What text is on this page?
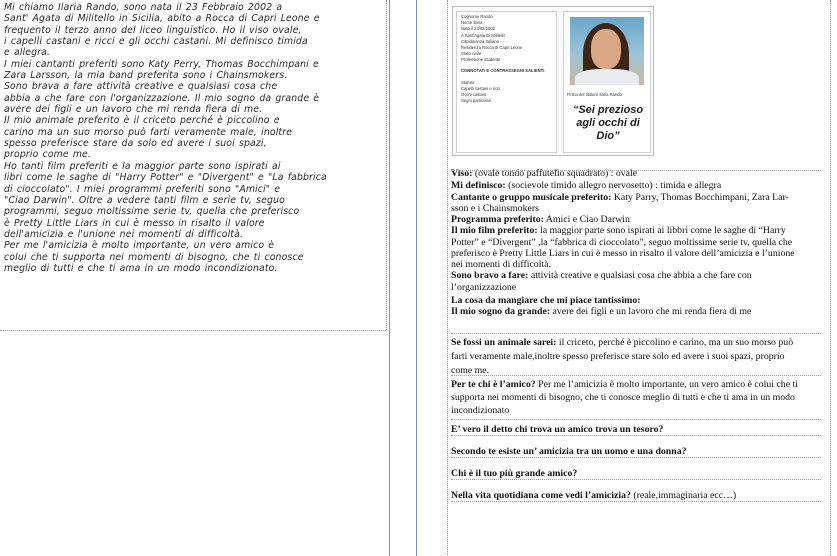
Mi chiamo Ilaria Rando, sono nata il 23 Febbraio 2002 a
Sant' Agata di Militello in Sicilia, abito a Rocca di Capri Leone e
frequento il terzo anno del liceo linguistico. Ho il viso ovale,
i capelli castani e ricci e gli occhi castani. Mi definisco timida
e allegra.
I miei cantanti preferiti sono Katy Perry, Thomas Bocchimpani e
Zara Larsson, la mia band preferita sono i Chainsmokers.
Sono brava a fare attività creative e qualsiasi cosa che
abbia a che fare con l'organizzazione. Il mio sogno da grande è
avere dei figli e un lavoro che mi renda fiera di me.
Il mio animale preferito è il criceto perché è piccolino e
carino ma un suo morso può farti veramente male, inoltre
spesso preferisce stare da solo ed avere i suoi spazi,
proprio come me.
Ho tanti film preferiti e la maggior parte sono ispirati ai
libri come le saghe di "Harry Potter" e "Divergent" e "La fabbrica
di cioccolato". I miei programmi preferiti sono "Amici" e
"Ciao Darwin". Oltre a vedere tanti film e serie tv, seguo
programmi, seguo moltissime serie tv, quella che preferisco
è Pretty Little Liars in cui è messo in risalto il valore
dell'amicizia e l'unione nei momenti di difficoltà.
Per me l'amicizia è molto importante, un vero amico è
colui che ti supporta nei momenti di bisogno, che ti conosce
meglio di tutti e che ti ama in un modo incondizionato.
Cognome Rando
Nome Ilaria
Nato il 23/02/2002
A Sant'Agata Di Militello
Cittadinanza Italiana
Residenza Rocca di Capri Leone
Stato civile
Professione studente
CONNOTATI E CONTRASSEGNI SALIENTI
Statura
Capelli castani e ricci
Occhi castani
Segni particolari
Firma del titolare Ilaria Rando
“Sei prezioso agli occhi di Dio”
Viso: (ovale tondo paffutello squadrato) : ovale
Mi definisco: (socievole timido allegro nervosetto) : timida e allegra
Cantante o gruppo musicale preferito: Katy Parry, Thomas Bocchimpani, Zara Lar-
sson e i Chainsmokers
Programma preferito: Amici e Ciao Darwin
Il mio film preferito: la maggior parte sono ispirati ai libbri come le saghe di “Harry
Potter” e “Divergent” ,la “fabbrica di cioccolato”, seguo moltissime serie tv, quella che
preferisco è Pretty Little Liars in cui è messo in risalto il valore dell’amicizia e l’unione
nei momenti di difficoltà.
Sono bravo a fare: attività creative e qualsiasi cosa che abbia a che fare con
l’organizzazione
La cosa da mangiare che mi piace tantissimo:
Il mio sogno da grande: avere dei figli e un lavoro che mi renda fiera di me
Se fossi un animale sarei: il criceto, perché è piccolino e carino, ma un suo morso può
farti veramente male,inoltre spesso preferisce stare solo ed avere i suoi spazi, proprio
come me.
Per te chi è l’amico? Per me l’amicizia è molto importante, un vero amico è colui che ti
supporta nei momenti di bisogno, che ti conosce meglio di tutti e che ti ama in un modo
incondizionato
E’ vero il detto chi trova un amico trova un tesoro?
Secondo te esiste un’ amicizia tra un uomo e una donna?
Chi è il tuo più grande amico?
Nella vita quotidiana come vedi l’amicizia? (reale,immaginaria ecc…)
